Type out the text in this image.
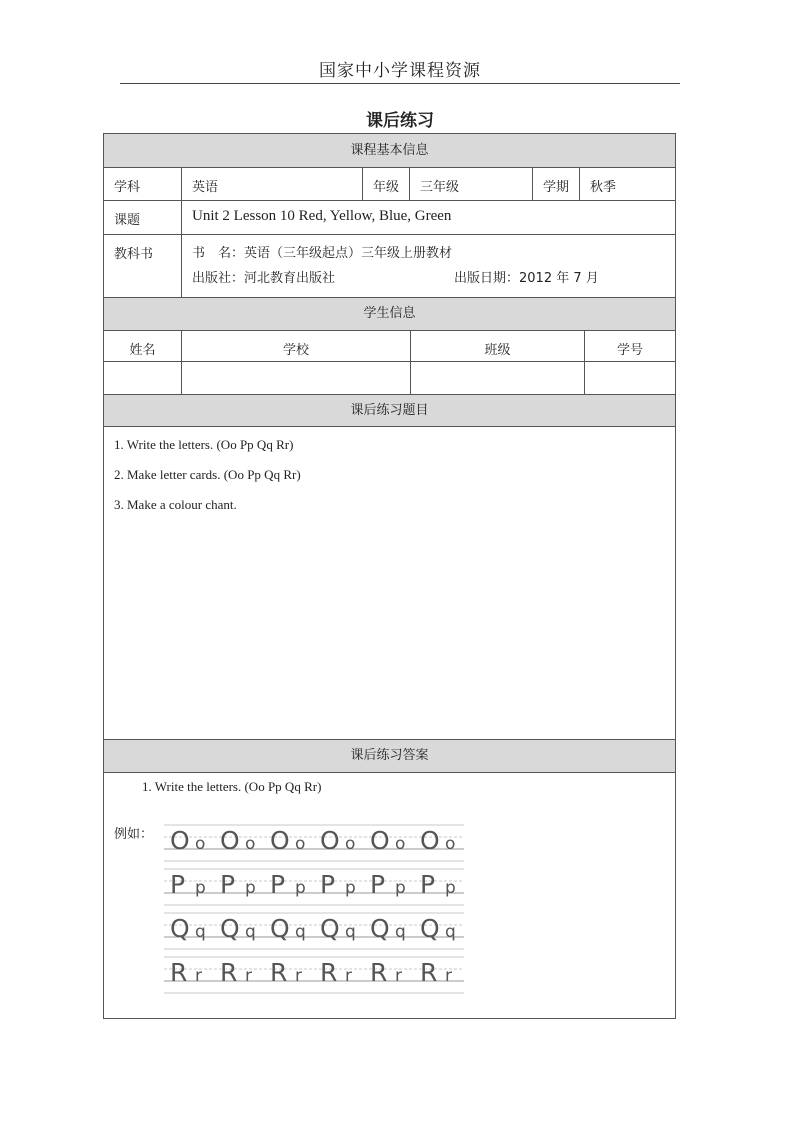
国家中小学课程资源
课后练习
课程基本信息
学科	英语	年级	三年级	学期	秋季
课题	Unit 2 Lesson 10 Red, Yellow, Blue, Green
教科书	书　名：英语（三年级起点）三年级上册教材
出版社：河北教育出版社	出版日期：2012 年 7 月
学生信息
姓名	学校	班级	学号
课后练习题目
1. Write the letters. (Oo Pp Qq Rr)
2. Make letter cards. (Oo Pp Qq Rr)
3. Make a colour chant.
课后练习答案
1. Write the letters. (Oo Pp Qq Rr)
例如： O o O o O o O o O o O o
P p P p P p P p P p P p
Q q Q q Q q Q q Q q Q q
R r R r R r R r R r R r
